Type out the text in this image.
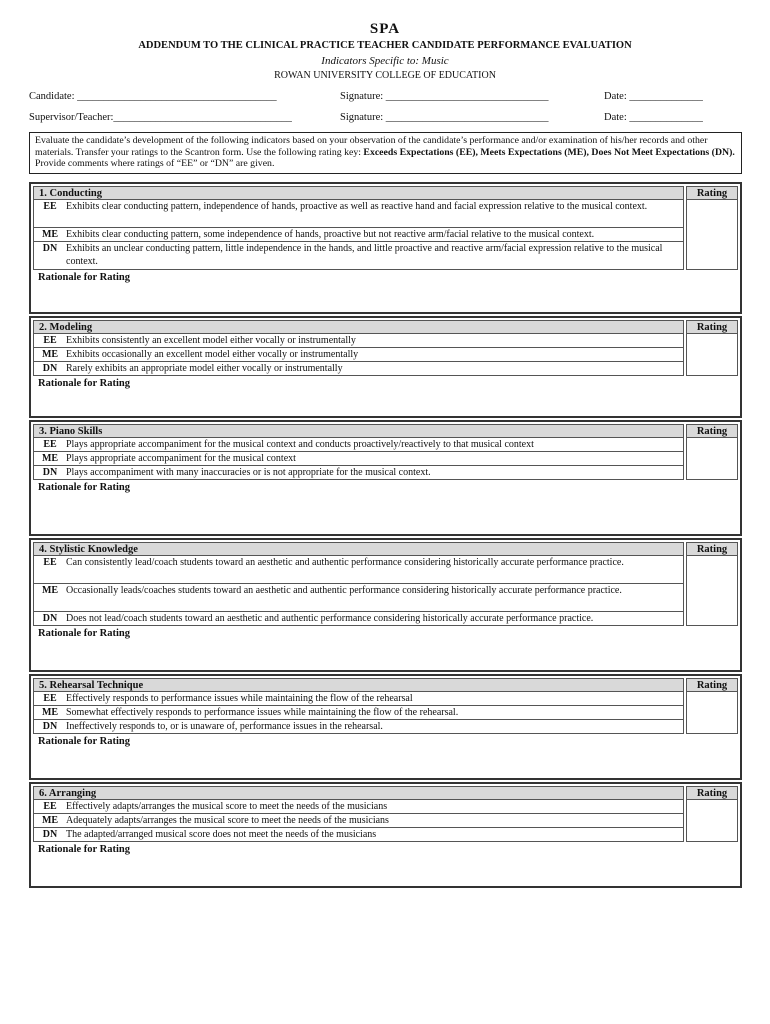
SPA
ADDENDUM TO THE CLINICAL PRACTICE TEACHER CANDIDATE PERFORMANCE EVALUATION
Indicators Specific to: Music
ROWAN UNIVERSITY COLLEGE OF EDUCATION
Candidate: ______________________________________	Signature: _______________________________	Date: ______________
Supervisor/Teacher:__________________________________	Signature: _______________________________	Date: ______________
Evaluate the candidate’s development of the following indicators based on your observation of the candidate’s performance and/or examination of his/her records and other materials. Transfer your ratings to the Scantron form. Use the following rating key: Exceeds Expectations (EE), Meets Expectations (ME), Does Not Meet Expectations (DN). Provide comments where ratings of “EE” or “DN” are given.
1. Conducting
EE Exhibits clear conducting pattern, independence of hands, proactive as well as reactive hand and facial expression relative to the musical context.
ME Exhibits clear conducting pattern, some independence of hands, proactive but not reactive arm/facial relative to the musical context.
DN Exhibits an unclear conducting pattern, little independence in the hands, and little proactive and reactive arm/facial expression relative to the musical context.
Rationale for Rating
Rating
2. Modeling
EE Exhibits consistently an excellent model either vocally or instrumentally
ME Exhibits occasionally an excellent model either vocally or instrumentally
DN Rarely exhibits an appropriate model either vocally or instrumentally
Rationale for Rating
Rating
3. Piano Skills
EE Plays appropriate accompaniment for the musical context and conducts proactively/reactively to that musical context
ME Plays appropriate accompaniment for the musical context
DN Plays accompaniment with many inaccuracies or is not appropriate for the musical context.
Rationale for Rating
Rating
4. Stylistic Knowledge
EE Can consistently lead/coach students toward an aesthetic and authentic performance considering historically accurate performance practice.
ME Occasionally leads/coaches students toward an aesthetic and authentic performance considering historically accurate performance practice.
DN Does not lead/coach students toward an aesthetic and authentic performance considering historically accurate performance practice.
Rationale for Rating
Rating
5. Rehearsal Technique
EE Effectively responds to performance issues while maintaining the flow of the rehearsal
ME Somewhat effectively responds to performance issues while maintaining the flow of the rehearsal.
DN Ineffectively responds to, or is unaware of, performance issues in the rehearsal.
Rationale for Rating
Rating
6. Arranging
EE Effectively adapts/arranges the musical score to meet the needs of the musicians
ME Adequately adapts/arranges the musical score to meet the needs of the musicians
DN The adapted/arranged musical score does not meet the needs of the musicians
Rationale for Rating
Rating
